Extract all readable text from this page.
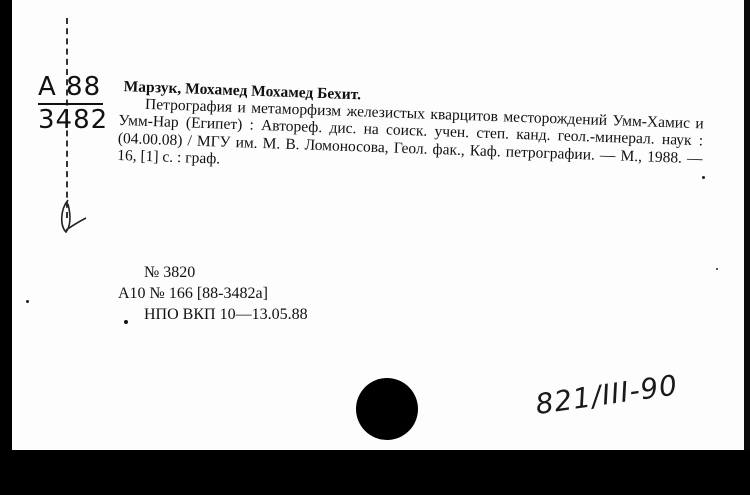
А 88
3482

Марзук, Мохамед Мохамед Бехит.

Петрография и метаморфизм железистых кварцитов месторождений Умм-Хамис и Умм-Нар (Египет) : Автореф. дис. на соиск. учен. степ. канд. геол.-минерал. наук : (04.00.08) / МГУ им. М. В. Ломоносова, Геол. фак., Каф. петрографии. — М., 1988. — 16, [1] с. : граф.

№ 3820
А10 № 166 [88-3482а]
НПО ВКП 10—13.05.88
821/III-90
